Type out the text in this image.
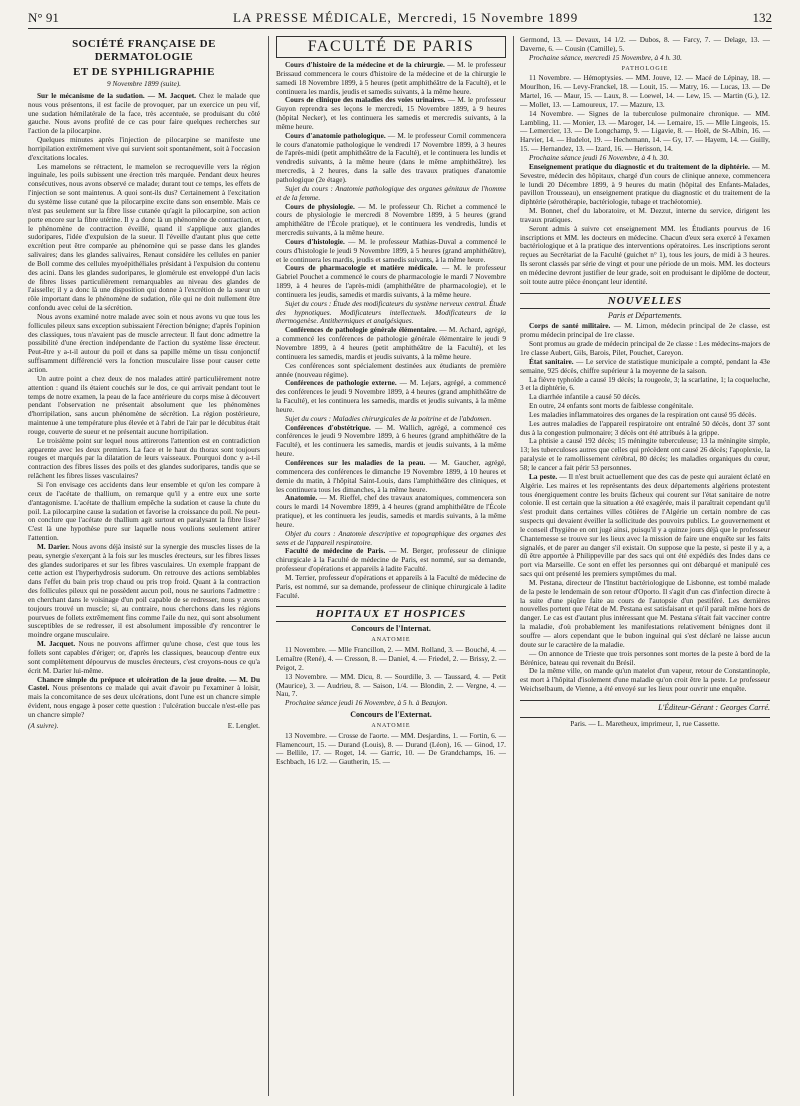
N° 91	LA PRESSE MÉDICALE, Mercredi, 15 Novembre 1899	132
SOCIÉTÉ FRANÇAISE DE DERMATOLOGIE
ET DE SYPHILIGRAPHIE
9 Novembre 1899 (suite).

Sur le mécanisme de la sudation. — M. Jacquet. Chez le malade que nous vous présentons, il est facile de provoquer, par un exercice un peu vif, une sudation hémilatérale de la face, très accentuée, se produisant du côté gauche. Nous avons profité de ce cas pour faire quelques recherches sur l'action de la pilocarpine.

Quelques minutes après l'injection de pilocarpine se manifeste une horripilation extrêmement vive qui survient soit spontanément, soit à l'occasion d'excitations locales.

Les mamelons se rétractent, le mamelon se recroqueville vers la région inguinale, les poils subissent une érection très marquée. Pendant deux heures consécutives, nous avons observé ce malade; durant tout ce temps, les effets de l'injection se sont maintenus. A quoi sont-ils dus? Certainement à l'excitation du système lisse cutané que la pilocarpine excite dans son ensemble. Mais ce n'est pas seulement sur la fibre lisse cutanée qu'agit la pilocarpine, son action porte encore sur la fibre utérine. Il y a donc là un phénomène de contraction, et le phénomène de contraction éveillé, quand il s'applique aux glandes sudoripares, l'idée d'expulsion de la sueur. Il l'éveille d'autant plus que cette excrétion peut être comparée au phénomène qui se passe dans les glandes salivaires; dans les glandes salivaires, Renaut considère les cellules en panier de Boll comme des cellules myoépithéliales présidant à l'expulsion du contenu des acini. Dans les glandes sudoripares, le glomérule est enveloppé d'un lacis de fibres lisses particulièrement remarquables au niveau des glandes de l'aisselle; il y a donc là une disposition qui donne à l'excrétion de la sueur un rôle important dans le phénomène de sudation, rôle qui ne doit nullement être confondu avec celui de la sécrétion.

Nous avons examiné notre malade avec soin et nous avons vu que tous les follicules pileux sans exception subissaient l'érection bénigne; d'après l'opinion des classiques, tous n'avaient pas de muscle arrecteur. Il faut donc admettre la possibilité d'une érection indépendante de l'action du système lisse érecteur. Peut-être y a-t-il autour du poil et dans sa papille même un tissu conjonctif suffisamment différencié vers la fonction musculaire lisse pour causer cette action.

Un autre point a chez deux de nos malades attiré particulièrement notre attention : quand ils étaient couchés sur le dos, ce qui arrivait pendant tout le temps de notre examen, la peau de la face antérieure du corps mise à découvert pendant l'observation ne présentait absolument que les phénomènes d'horripilation, sans aucun phénomène de sécrétion. La région postérieure, maintenue à une température plus élevée et à l'abri de l'air par le décubitus était rouge, couverte de sueur et ne présentait aucune horripilation.

Le troisième point sur lequel nous attirerons l'attention est en contradiction apparente avec les deux premiers. La face et le haut du thorax sont toujours rouges et marqués par la dilatation de leurs vaisseaux. Pourquoi donc y a-t-il contraction des fibres lisses des poils et des glandes sudoripares, tandis que se relâchent les fibres lisses vasculaires?

Si l'on envisage ces accidents dans leur ensemble et qu'on les compare à ceux de l'acétate de thallium, on remarque qu'il y a entre eux une sorte d'antagonisme. L'acétate de thallium empêche la sudation et cause la chute du poil. La pilocarpine cause la sudation et favorise la croissance du poil. Ne peut-on conclure que l'acétate de thallium agit surtout en paralysant la fibre lisse? C'est là une hypothèse pure sur laquelle nous voulions seulement attirer l'attention.

M. Darier. Nous avons déjà insisté sur la synergie des muscles lisses de la peau, synergie s'exerçant à la fois sur les muscles érecteurs, sur les fibres lisses des glandes sudoripares et sur les fibres vasculaires. Un exemple frappant de cette action est l'hyperhydrosis sudorum. On retrouve des actions semblables dans l'effet du bain pris trop chaud ou pris trop froid. Quant à la contraction des follicules pileux qui ne possèdent aucun poil, nous ne saurions l'admettre : en cherchant dans le voisinage d'un poil capable de se redresser, nous y avons toujours trouvé un muscle; si, au contraire, nous cherchons dans les régions pourvues de follets extrêmement fins comme l'aile du nez, qui sont absolument susceptibles de se redresser, il est absolument impossible d'y rencontrer le moindre organe musculaire.

M. Jacquet. Nous ne pouvons affirmer qu'une chose, c'est que tous les follets sont capables d'ériger; or, d'après les classiques, beaucoup d'entre eux sont complètement dépourvus de muscles érecteurs, c'est croyons-nous ce qu'a écrit M. Darier lui-même.

Chancre simple du prépuce et ulcération de la joue droite. — M. Du Castel. Nous présentons ce malade qui avait d'avoir pu l'examiner à loisir, mais la concomitance de ses deux ulcérations, dont l'une est un chancre simple évident, nous engage à poser cette question : l'ulcération buccale n'est-elle pas un chancre simple?

(A suivre).	E. Lenglet.
FACULTÉ DE PARIS

Cours d'histoire de la médecine et de la chirurgie. — M. le professeur Brissaud commencera le cours d'histoire de la médecine et de la chirurgie le samedi 18 Novembre 1899, à 5 heures (petit amphithéâtre de la Faculté), et le continuera les mardis, jeudis et samedis suivants, à la même heure.

Cours de clinique des maladies des voies urinaires. — M. le professeur Guyon reprendra ses leçons le mercredi, 15 Novembre 1899, à 9 heures (hôpital Necker), et les continuera les samedis et mercredis suivants, à la même heure.

Cours d'anatomie pathologique. — M. le professeur Cornil commencera le cours d'anatomie pathologique le vendredi 17 Novembre 1899, à 3 heures de l'après-midi (petit amphithéâtre de la Faculté), et le continuera les lundis et vendredis suivants, à la même heure (dans le même amphithéâtre). les mercredis, à 2 heures, dans la salle des travaux pratiques d'anatomie pathologique (2e étage).

Sujet du cours : Anatomie pathologique des organes génitaux de l'homme et de la femme.

Cours de physiologie. — M. le professeur Ch. Richet a commencé le cours de physiologie le mercredi 8 Novembre 1899, à 5 heures (grand amphithéâtre de l'École pratique), et le continuera les vendredis, lundis et mercredis suivants, à la même heure.

Cours d'histologie. — M. le professeur Mathias-Duval a commencé le cours d'histologie le jeudi 9 Novembre 1899, à 5 heures (grand amphithéâtre), et le continuera les mardis, jeudis et samedis suivants, à la même heure.

Cours de pharmacologie et matière médicale. — M. le professeur Gabriel Pouchet a commencé le cours de pharmacologie le mardi 7 Novembre 1899, à 4 heures de l'après-midi (amphithéâtre de pharmacologie), et le continuera les jeudis, samedis et mardis suivants, à la même heure.

Sujet du cours : Étude des modificateurs du système nerveux central. Étude des hypnotiques. Modificateurs intellectuels. Modificateurs de la thermogenèse. Antithermiques et analgésiques.

Conférences de pathologie générale élémentaire. — M. Achard, agrégé, a commencé les conférences de pathologie générale élémentaire le jeudi 9 Novembre 1899, à 4 heures (petit amphithéâtre de la Faculté), et les continuera les samedis, mardis et jeudis suivants, à la même heure.

Ces conférences sont spécialement destinées aux étudiants de première année (nouveau régime).

Conférences de pathologie externe. — M. Lejars, agrégé, a commencé des conférences le jeudi 9 Novembre 1899, à 4 heures (grand amphithéâtre de la Faculté), et les continuera les samedis, mardis et jeudis suivants, à la même heure.

Sujet du cours : Maladies chirurgicales de la poitrine et de l'abdomen.

Conférences d'obstétrique. — M. Wallich, agrégé, a commencé ces conférences le jeudi 9 Novembre 1899, à 6 heures (grand amphithéâtre de la Faculté), et les continuera les samedis, mardis et jeudis suivants, à la même heure.

Conférences sur les maladies de la peau. — M. Gaucher, agrégé, commencera des conférences le dimanche 19 Novembre 1899, à 10 heures et demie du matin, à l'hôpital Saint-Louis, dans l'amphithéâtre des cliniques, et les continuera tous les dimanches, à la même heure.

Anatomie. — M. Rieffel, chef des travaux anatomiques, commencera son cours le mardi 14 Novembre 1899, à 4 heures (grand amphithéâtre de l'École pratique), et les continuera les jeudis, samedis et mardis suivants, à la même heure.

Objet du cours : Anatomie descriptive et topographique des organes des sens et de l'appareil respiratoire.

Faculté de médecine de Paris. — M. Berger, professeur de clinique chirurgicale à la Faculté de médecine de Paris, est nommé, sur sa demande, professeur d'opérations et appareils à ladite Faculté.

M. Terrier, professeur d'opérations et appareils à la Faculté de médecine de Paris, est nommé, sur sa demande, professeur de clinique chirurgicale à ladite Faculté.

HOPITAUX ET HOSPICES
Concours de l'Internat.
ANATOMIE

11 Novembre. — Mlle Francillon, 2. — MM. Rolland, 3. — Bouché, 4. — Lemaître (René), 4. — Cresson, 8. — Daniel, 4. — Friedel, 2. — Brissy, 2. — Peigot, 2.

13 Novembre. — MM. Dicu, 8. — Sourdille, 3. — Taussard, 4. — Petit (Maurice), 3. — Audrieu, 8. — Saison, 1/4. — Blondin, 2. — Vergne, 4. — Nau, 7.

Prochaine séance jeudi 16 Novembre, à 5 h. à Beaujon.

Concours de l'Externat.
ANATOMIE

13 Novembre. — Crosse de l'aorte. — MM. Desjardins, 1. — Fortin, 6. — Flamencourt, 15. — Durand (Louis), 8. — Durand (Léon), 16. — Ginod, 17. — Bellile, 17. — Roget, 14. — Garric, 10. — De Grandchamps, 16. — Eschbach, 16 1/2. — Gautherin, 15. —

Germond, 13. — Devaux, 14 1/2. — Dubos, 8. — Farcy, 7. — Delage, 13. — Daverne, 6. — Cousin (Camille), 5.

Prochaine séance, mercredi 15 Novembre, à 4 h. 30.

PATHOLOGIE

11 Novembre. — Hémoptysies. — MM. Jouve, 12. — Macé de Lépinay, 18. — Mourlhon, 16. — Levy-Franckel, 18. — Louit, 15. — Matry, 16. — Lucas, 13. — De Martel, 16. — Maur, 15. — Laux, 8. — Loewel, 14. — Lew, 15. — Martin (G.), 12. — Mollet, 13. — Lamoureux, 17. — Mazure, 13.

14 Novembre. — Signes de la tuberculose pulmonaire chronique. — MM. Lambling, 11. — Monier, 13. — Maroger, 14. — Lemaire, 15. — Mlle Lingeois, 15. — Lemercier, 13. — De Longchamp, 9. — Ligavie, 8. — Hoël, de St-Albin, 16. — Harvier, 14. — Hudelot, 19. — Hechemann, 14. — Gy, 17. — Hayem, 14. — Guilly, 15. — Hernandez, 13. — Izard, 16. — Herisson, 14.

Prochaine séance jeudi 16 Novembre, à 4 h. 30.

Enseignement pratique du diagnostic et du traitement de la diphtérie. — M. Sevestre, médecin des hôpitaux, chargé d'un cours de clinique annexe, commencera le lundi 20 Décembre 1899, à 9 heures du matin (hôpital des Enfants-Malades, pavillon Trousseau), un enseignement pratique du diagnostic et du traitement de la diphtérie (sérothérapie, bactériologie, tubage et trachéotomie).

M. Bonnet, chef du laboratoire, et M. Dezzut, interne du service, dirigent les travaux pratiques.

Seront admis à suivre cet enseignement MM. les Étudiants pourvus de 16 inscriptions et MM. les docteurs en médecine. Chacun d'eux sera exercé à l'examen bactériologique et à la pratique des interventions opératoires. Les inscriptions seront reçues au Secrétariat de la Faculté (guichet n° 1), tous les jours, de midi à 3 heures. Ils seront classés par série de vingt et pour une période de un mois. MM. les docteurs en médecine devront justifier de leur grade, soit en produisant le diplôme de docteur, soit toute autre pièce énonçant leur identité.

NOUVELLES
Paris et Départements.

Corps de santé militaire. — M. Limon, médecin principal de 2e classe, est promu médecin principal de 1re classe.

Sont promus au grade de médecin principal de 2e classe : Les médecins-majors de 1re classe Aubert, Gils, Barois, Pilet, Pouchet, Careyon.

État sanitaire. — Le service de statistique municipale a compté, pendant la 43e semaine, 925 décès, chiffre supérieur à la moyenne de la saison.

La fièvre typhoïde a causé 19 décès; la rougeole, 3; la scarlatine, 1; la coqueluche, 3 et la diphtérie, 6.

La diarrhée infantile a causé 50 décès.

En outre, 24 enfants sont morts de faiblesse congénitale.

Les maladies inflammatoires des organes de la respiration ont causé 95 décès.

Les autres maladies de l'appareil respiratoire ont entraîné 50 décès, dont 37 sont dus à la congestion pulmonaire; 3 décès ont été attribués à la grippe.

La phtisie a causé 192 décès; 15 méningite tuberculeuse; 13 la méningite simple, 13; les tuberculoses autres que celles qui précèdent ont causé 26 décès; l'apoplexie, la paralysie et le ramollissement cérébral, 80 décès; les maladies organiques du cœur, 58; le cancer a fait périr 53 personnes.

La peste. — Il n'est bruit actuellement que des cas de peste qui auraient éclaté en Algérie. Les maires et les représentants des deux départements algériens protestent tous énergiquement contre les bruits fâcheux qui courent sur l'état sanitaire de notre colonie. Il est certain que la situation a été exagérée, mais il paraîtrait cependant qu'il s'est produit dans certaines villes côtières de l'Algérie un certain nombre de cas suspects qui devaient éveiller la sollicitude des pouvoirs publics. Le gouvernement et le conseil d'hygiène en ont jugé ainsi, puisqu'il y a quinze jours déjà que le professeur Chantemesse se trouve sur les lieux avec la mission de faire une enquête sur les faits signalés, et de parer au danger s'il existait. On suppose que la peste, si peste il y a, a dû être apportée à Philippeville par des sacs qui ont été expédiés des Indes dans ce port via Marseille. Ce sont en effet les personnes qui ont débarqué et manipulé ces sacs qui ont présenté les premiers symptômes du mal.

M. Pestana, directeur de l'Institut bactériologique de Lisbonne, est tombé malade de la peste le lendemain de son retour d'Oporto. Il s'agit d'un cas d'infection directe à la suite d'une piqûre faite au cours de l'autopsie d'un pestiféré. Les dernières nouvelles portent que l'état de M. Pestana est satisfaisant et qu'il paraît même hors de danger. Le cas est d'autant plus intéressant que M. Pestana s'était fait vacciner contre la maladie, d'où probablement les manifestations relativement bénignes dont il souffre — alors cependant que le bubon inguinal qui s'est déclaré ne laisse aucun doute sur le caractère de la maladie.

— On annonce de Trieste que trois personnes sont mortes de la peste à bord de la Bérénice, bateau qui revenait du Brésil.

De la même ville, on mande qu'un matelot d'un vapeur, retour de Constantinople, est mort à l'hôpital d'isolement d'une maladie qu'on croit être la peste. Le professeur Weichselbaum, de Vienne, a été envoyé sur les lieux pour ouvrir une enquête.

L'Éditeur-Gérant : Georges Carré.
Paris. — L. Maretheux, imprimeur, 1, rue Cassette.
